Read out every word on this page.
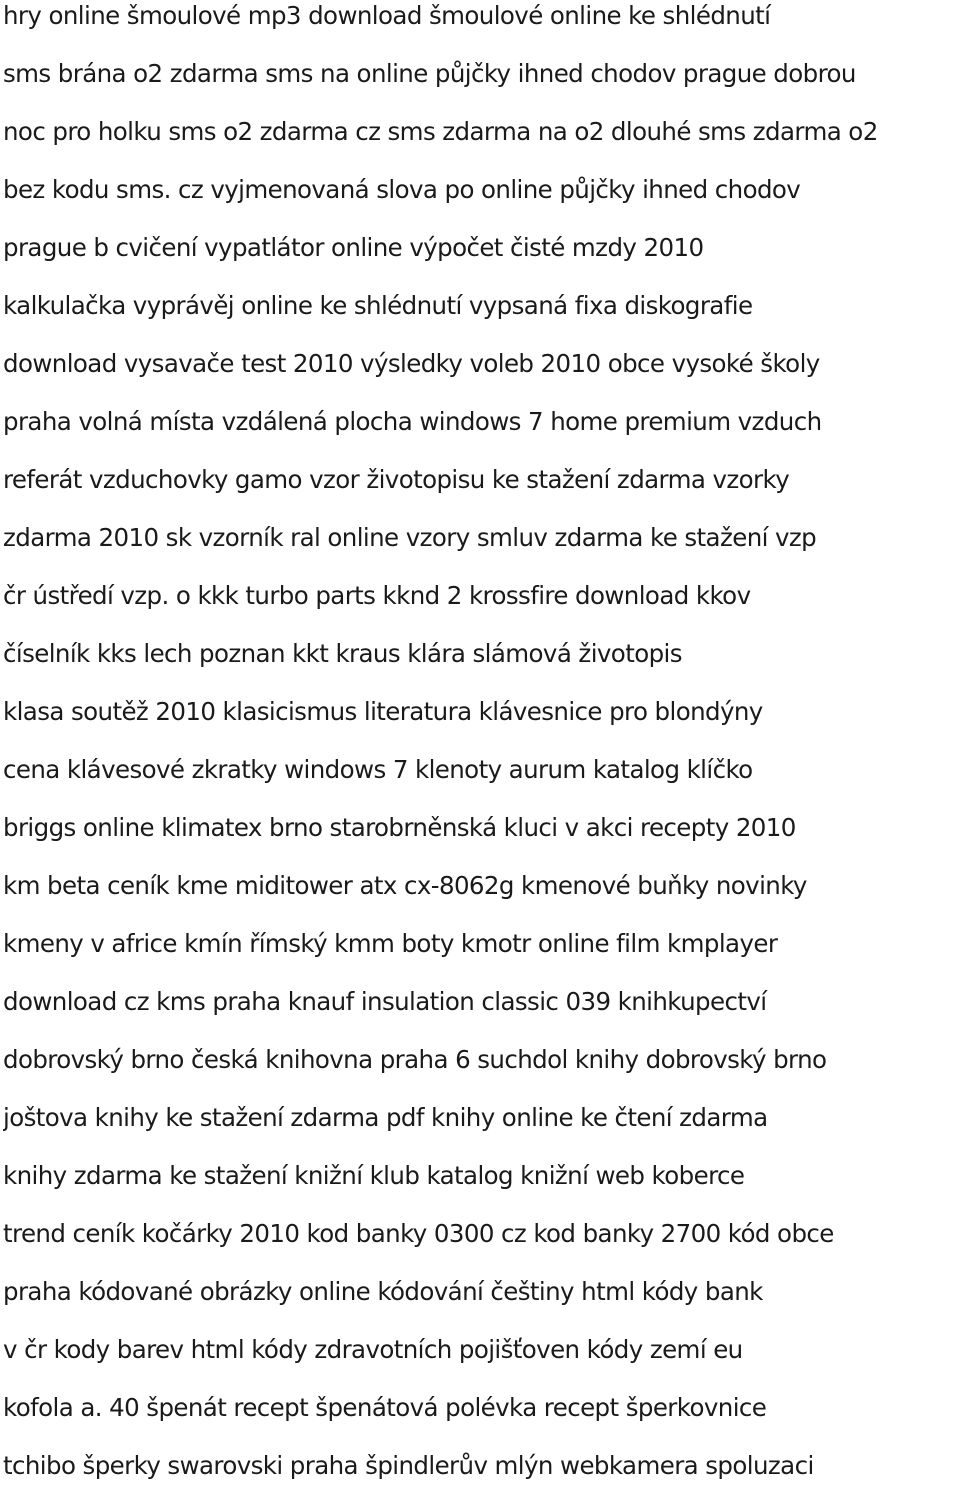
hry online šmoulové mp3 download šmoulové online ke shlédnutí
sms brána o2 zdarma sms na online půjčky ihned chodov prague dobrou
noc pro holku sms o2 zdarma cz sms zdarma na o2 dlouhé sms zdarma o2
bez kodu sms. cz vyjmenovaná slova po online půjčky ihned chodov
prague b cvičení vypatlátor online výpočet čisté mzdy 2010
kalkulačka vyprávěj online ke shlédnutí vypsaná fixa diskografie
download vysavače test 2010 výsledky voleb 2010 obce vysoké školy
praha volná místa vzdálená plocha windows 7 home premium vzduch
referát vzduchovky gamo vzor životopisu ke stažení zdarma vzorky
zdarma 2010 sk vzorník ral online vzory smluv zdarma ke stažení vzp
čr ústředí vzp. o kkk turbo parts kknd 2 krossfire download kkov
číselník kks lech poznan kkt kraus klára slámová životopis
klasa soutěž 2010 klasicismus literatura klávesnice pro blondýny
cena klávesové zkratky windows 7 klenoty aurum katalog klíčko
briggs online klimatex brno starobrněnská kluci v akci recepty 2010
km beta ceník kme miditower atx cx-8062g kmenové buňky novinky
kmeny v africe kmín římský kmm boty kmotr online film kmplayer
download cz kms praha knauf insulation classic 039 knihkupectví
dobrovský brno česká knihovna praha 6 suchdol knihy dobrovský brno
joštova knihy ke stažení zdarma pdf knihy online ke čtení zdarma
knihy zdarma ke stažení knižní klub katalog knižní web koberce
trend ceník kočárky 2010 kod banky 0300 cz kod banky 2700 kód obce
praha kódované obrázky online kódování češtiny html kódy bank
v čr kody barev html kódy zdravotních pojišťoven kódy zemí eu
kofola a. 40 špenát recept špenátová polévka recept šperkovnice
tchibo šperky swarovski praha špindlerův mlýn webkamera spoluzaci
